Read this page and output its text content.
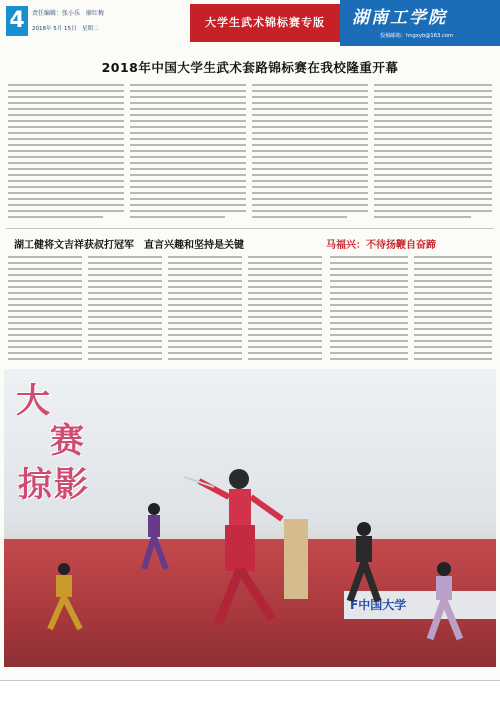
4	责任编辑：张小乐　廖红梅
2018年 5月 15日　星期二	大学生武术锦标赛专版	湖南工学院
投稿邮箱：hngxyb@163.com
2018年中国大学生武术套路锦标赛在我校隆重开幕
湖工健将文吉祥获叔打冠军　直言兴趣和坚持是关键	马福兴：不待扬鞭自奋蹄
大
赛
掠 影
F中国大学
